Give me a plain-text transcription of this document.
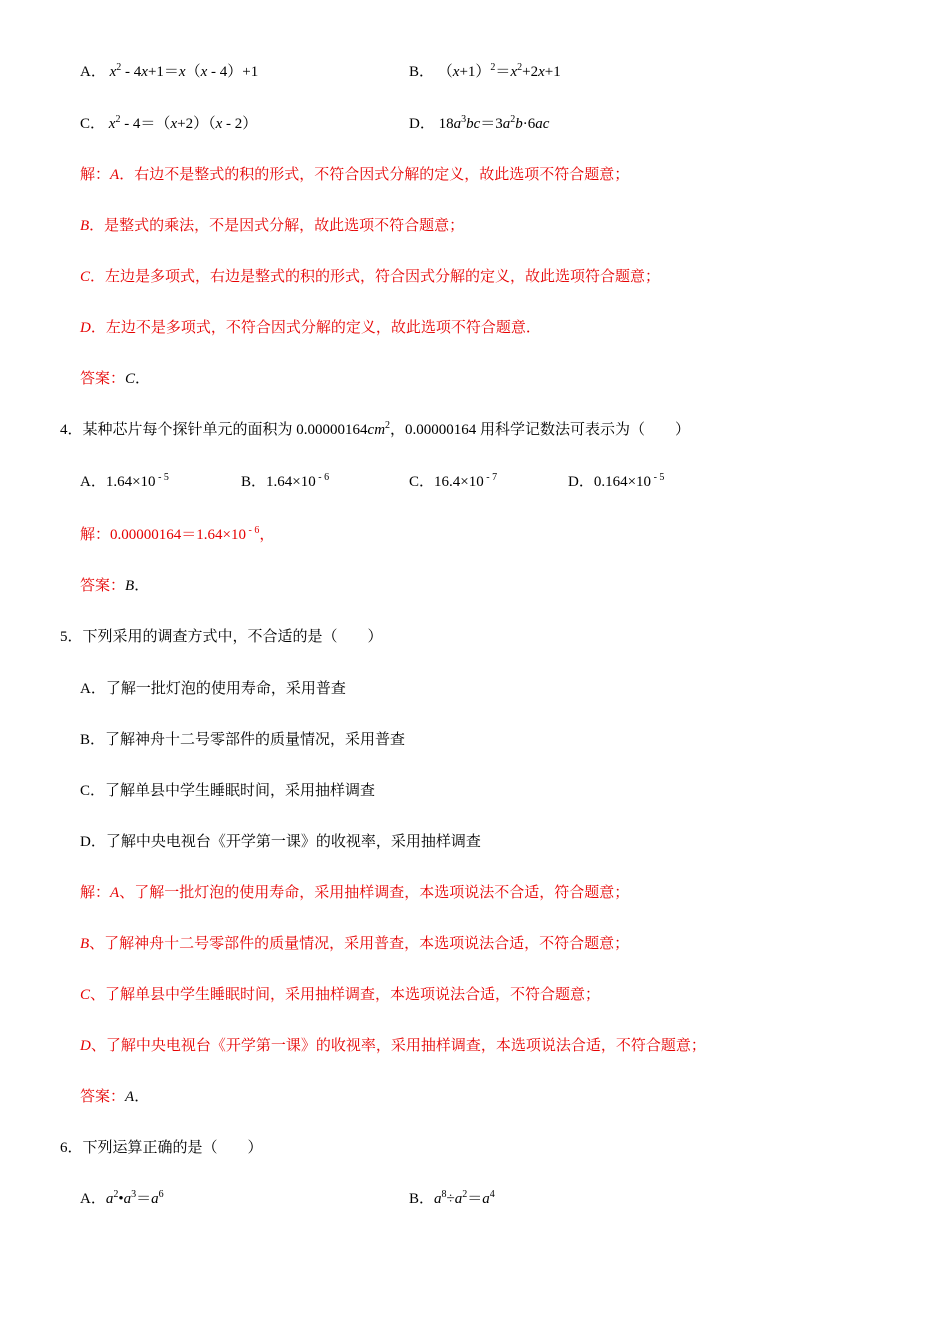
A． $x^2 - 4x+1=x(x - 4)+1$	B． $(x+1)^2=x^2+2x+1$
C． $x^2 - 4=(x+2)(x - 2)$	D． $18a^3bc=3a^2b\cdot 6ac$
解：A．右边不是整式的积的形式，不符合因式分解的定义，故此选项不符合题意；
B．是整式的乘法，不是因式分解，故此选项不符合题意；
C．左边是多项式，右边是整式的积的形式，符合因式分解的定义，故此选项符合题意；
D．左边不是多项式，不符合因式分解的定义，故此选项不符合题意．
答案：C．
4．某种芯片每个探针单元的面积为 $0.00000164cm^2$，0.00000164 用科学记数法可表示为（　　）
A．1.64×10 $^{- 5}$	B．1.64×10 $^{- 6}$	C．16.4×10 $^{- 7}$	D．0.164×10 $^{- 5}$
解：0.00000164＝1.64×10 $^{- 6}$，
答案：B．
5．下列采用的调查方式中，不合适的是（　　）
A．了解一批灯泡的使用寿命，采用普查
B．了解神舟十二号零部件的质量情况，采用普查
C．了解单县中学生睡眠时间，采用抽样调查
D．了解中央电视台《开学第一课》的收视率，采用抽样调查
解：A、了解一批灯泡的使用寿命，采用抽样调查，本选项说法不合适，符合题意；
B、了解神舟十二号零部件的质量情况，采用普查，本选项说法合适，不符合题意；
C、了解单县中学生睡眠时间，采用抽样调查，本选项说法合适，不符合题意；
D、了解中央电视台《开学第一课》的收视率，采用抽样调查，本选项说法合适，不符合题意；
答案：A．
6．下列运算正确的是（　　）
A．$a^2•a^3=a^6$	B．$a^8\div a^2=a^4$
